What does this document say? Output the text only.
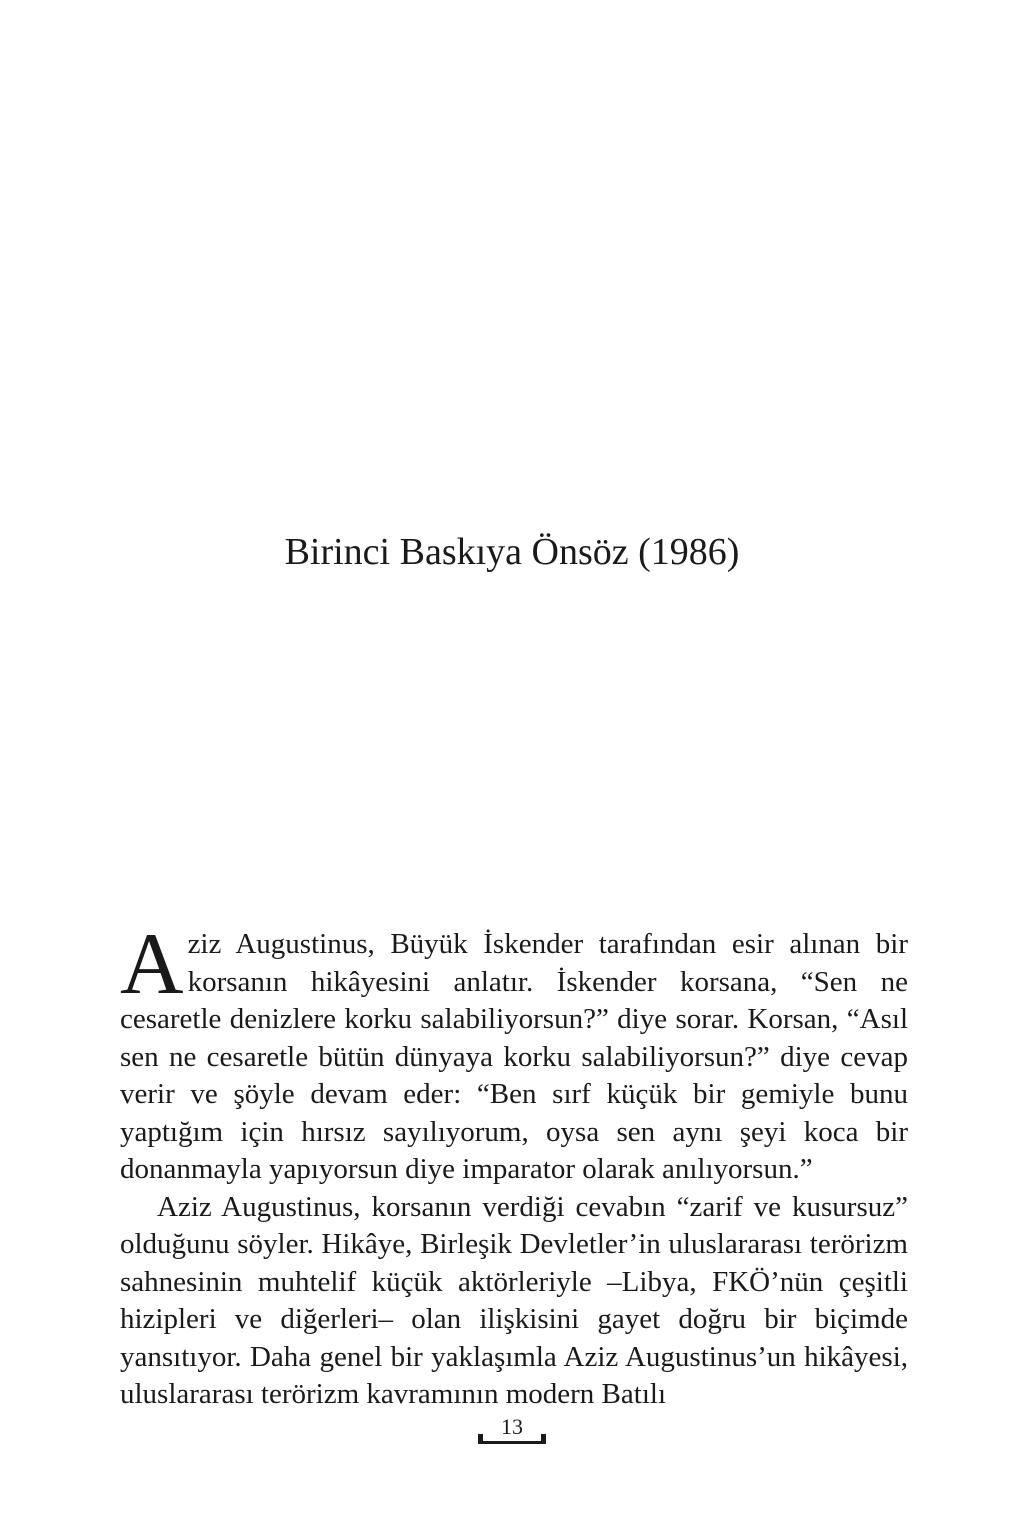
Birinci Baskıya Önsöz (1986)

Aziz Augustinus, Büyük İskender tarafından esir alınan bir korsanın hikâyesini anlatır. İskender korsana, “Sen ne cesaretle denizlere korku salabiliyorsun?” diye sorar. Korsan, “Asıl sen ne cesaretle bütün dünyaya korku salabiliyorsun?” diye cevap verir ve şöyle devam eder: “Ben sırf küçük bir gemiyle bunu yaptığım için hırsız sayılıyorum, oysa sen aynı şeyi koca bir donanmayla yapıyorsun diye imparator olarak anılıyorsun.”

Aziz Augustinus, korsanın verdiği cevabın “zarif ve kusursuz” olduğunu söyler. Hikâye, Birleşik Devletler’in uluslararası terörizm sahnesinin muhtelif küçük aktörleriyle –Libya, FKÖ’nün çeşitli hizipleri ve diğerleri– olan ilişkisini gayet doğru bir biçimde yansıtıyor. Daha genel bir yaklaşımla Aziz Augustinus’un hikâyesi, uluslararası terörizm kavramının modern Batılı

13
